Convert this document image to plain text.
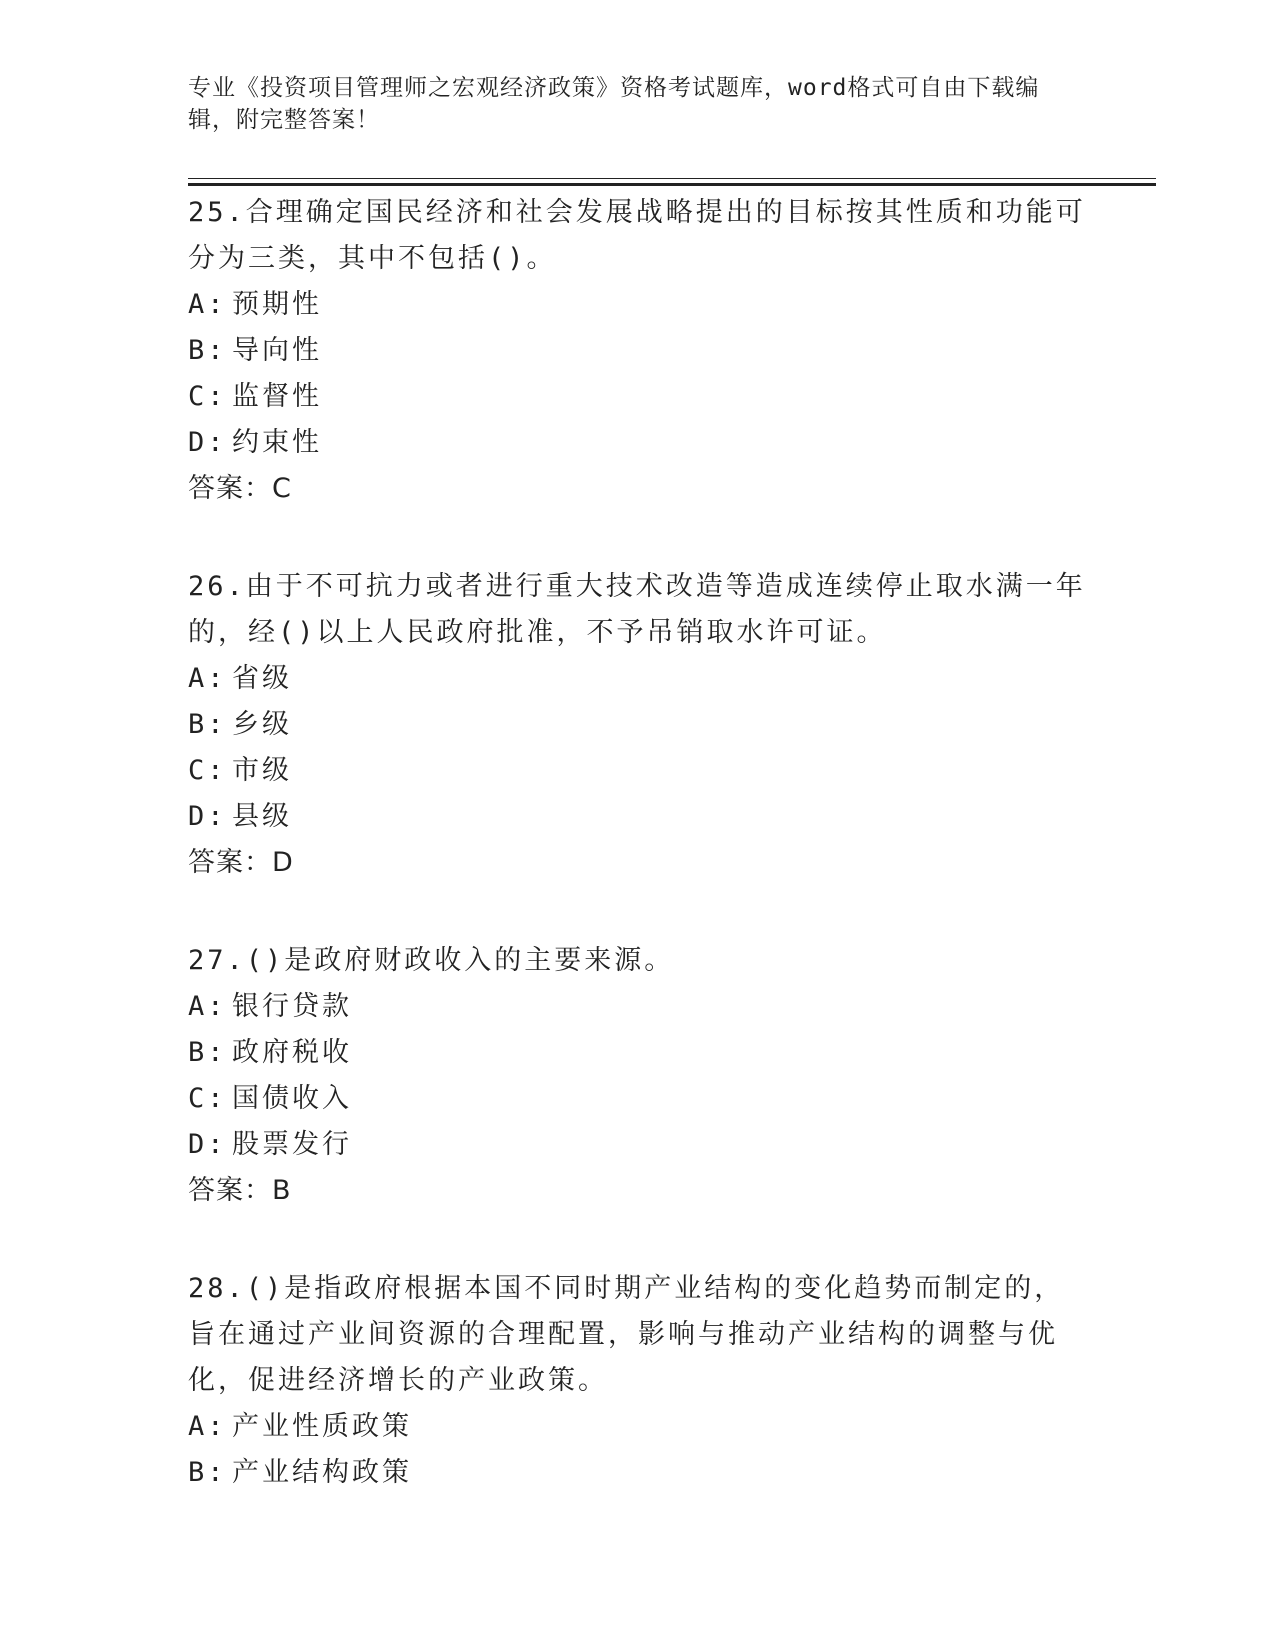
专业《投资项目管理师之宏观经济政策》资格考试题库，word格式可自由下载编辑，附完整答案！
25.合理确定国民经济和社会发展战略提出的目标按其性质和功能可分为三类，其中不包括()。
A: 预期性
B: 导向性
C: 监督性
D: 约束性
答案：C
26.由于不可抗力或者进行重大技术改造等造成连续停止取水满一年的，经()以上人民政府批准，不予吊销取水许可证。
A: 省级
B: 乡级
C: 市级
D: 县级
答案：D
27.()是政府财政收入的主要来源。
A: 银行贷款
B: 政府税收
C: 国债收入
D: 股票发行
答案：B
28.()是指政府根据本国不同时期产业结构的变化趋势而制定的，旨在通过产业间资源的合理配置，影响与推动产业结构的调整与优化，促进经济增长的产业政策。
A: 产业性质政策
B: 产业结构政策
